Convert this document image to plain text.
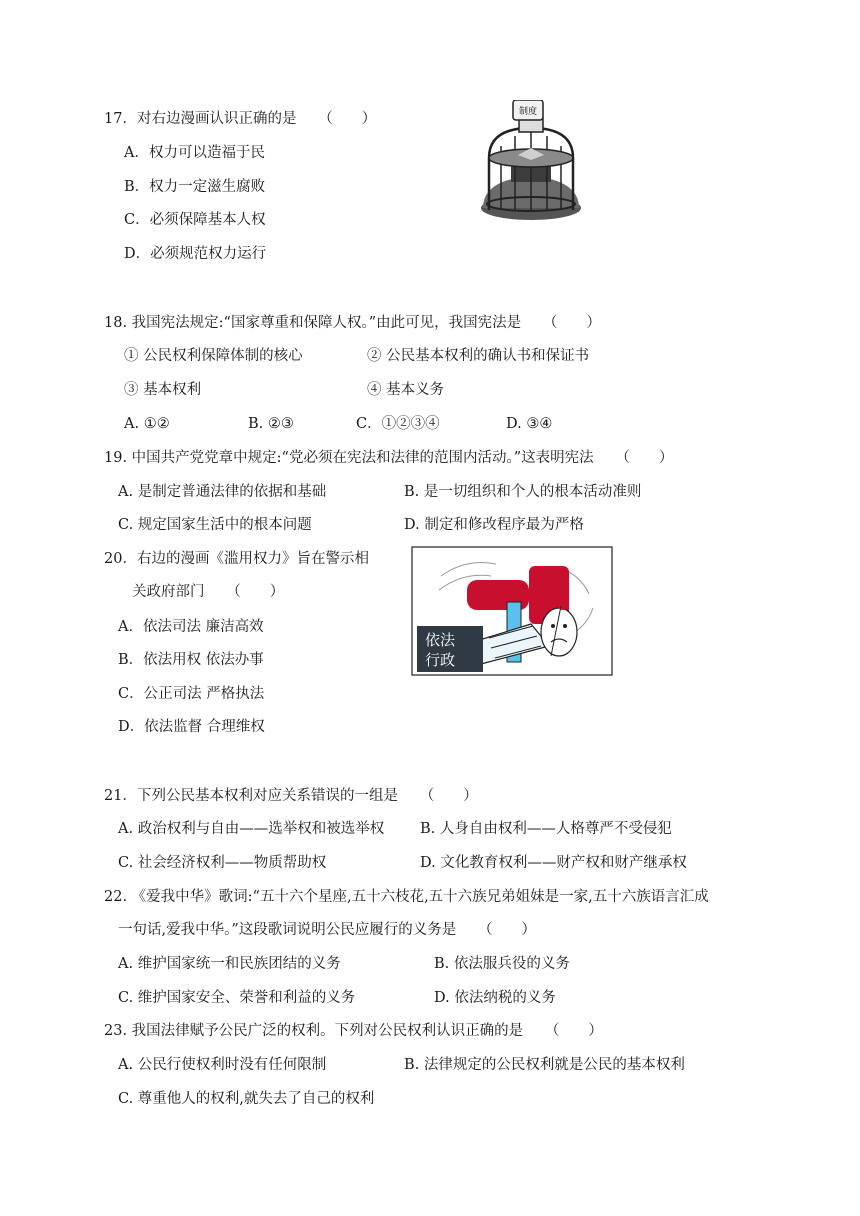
17．对右边漫画认识正确的是　　（　　）
A．权力可以造福于民
B．权力一定滋生腐败
C．必须保障基本人权
D．必须规范权力运行
制度
18. 我国宪法规定:“国家尊重和保障人权。”由此可见，我国宪法是　　（　　）
① 公民权利保障体制的核心	② 公民基本权利的确认书和保证书
③ 基本权利	④ 基本义务
A. ①②	B. ②③	C．①②③④	D. ③④
19. 中国共产党党章中规定:“党必须在宪法和法律的范围内活动。”这表明宪法　　（　　）
A. 是制定普通法律的依据和基础	B. 是一切组织和个人的根本活动准则
C. 规定国家生活中的根本问题	D. 制定和修改程序最为严格
20．右边的漫画《滥用权力》旨在警示相
关政府部门　　（　　）
A．依法司法 廉洁高效
B．依法用权 依法办事
C．公正司法 严格执法
D．依法监督 合理维权
依法
行政
21．下列公民基本权利对应关系错误的一组是　　（　　）
A. 政治权利与自由——选举权和被选举权 B. 人身自由权利——人格尊严不受侵犯
C. 社会经济权利——物质帮助权	D. 文化教育权利——财产权和财产继承权
22. 《爱我中华》歌词:“五十六个星座,五十六枝花,五十六族兄弟姐妹是一家,五十六族语言汇成
一句话,爱我中华。”这段歌词说明公民应履行的义务是　　（　　）
A. 维护国家统一和民族团结的义务	B. 依法服兵役的义务
C. 维护国家安全、荣誉和利益的义务	D. 依法纳税的义务
23. 我国法律赋予公民广泛的权利。下列对公民权利认识正确的是　　（　　）
A. 公民行使权利时没有任何限制	B. 法律规定的公民权利就是公民的基本权利
C. 尊重他人的权利,就失去了自己的权利
